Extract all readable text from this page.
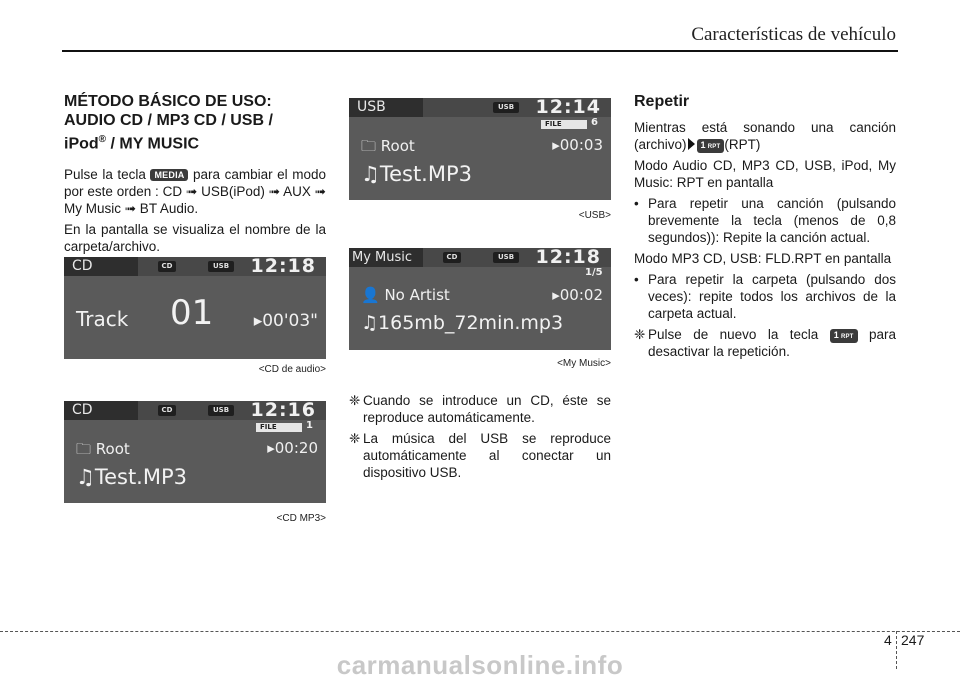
Características de vehículo
MÉTODO BÁSICO DE USO:
AUDIO CD / MP3 CD / USB /
iPod® / MY MUSIC
Pulse la tecla MEDIA para cambiar el modo por este orden : CD ➟ USB(iPod) ➟ AUX ➟ My Music ➟ BT Audio.
En la pantalla se visualiza el nombre de la carpeta/archivo.
CD	CD	USB 12:18
Track 01 ▸00'03"
<CD de audio>
CD	CD	USB 12:16
FILE	1
🗀 Root	▸00:20
♫Test.MP3
<CD MP3>
USB	USB 12:14
FILE	6
🗀 Root	▸00:03
♫Test.MP3
<USB>
My Music	CD	USB 12:18
1/5
👤 No Artist	▸00:02
♫165mb_72min.mp3
<My Music>
❈ Cuando se introduce un CD, éste se reproduce automáticamente.
❈ La música del USB se reproduce automáticamente al conectar un dispositivo USB.
Repetir
Mientras está sonando una canción (archivo) 1 RPT (RPT)
Modo Audio CD, MP3 CD, USB, iPod, My Music: RPT en pantalla
• Para repetir una canción (pulsando brevemente la tecla (menos de 0,8 segundos)): Repite la canción actual.
Modo MP3 CD, USB: FLD.RPT en pantalla
• Para repetir la carpeta (pulsando dos veces): repite todos los archivos de la carpeta actual.
❈ Pulse de nuevo la tecla 1 RPT para desactivar la repetición.
4 247
carmanualsonline.info
